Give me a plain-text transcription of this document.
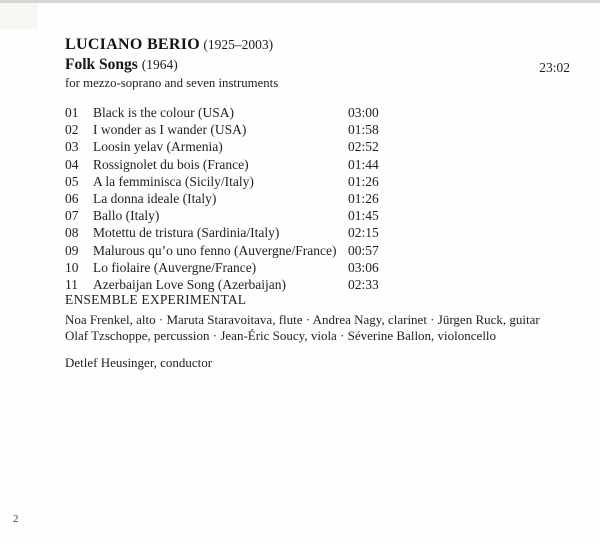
LUCIANO BERIO (1925–2003)
Folk Songs (1964)	23:02
for mezzo-soprano and seven instruments
01	Black is the colour (USA)	03:00
02	I wonder as I wander (USA)	01:58
03	Loosin yelav (Armenia)	02:52
04	Rossignolet du bois (France)	01:44
05	A la femminisca (Sicily/Italy)	01:26
06	La donna ideale (Italy)	01:26
07	Ballo (Italy)	01:45
08	Motettu de tristura (Sardinia/Italy)	02:15
09	Malurous qu’o uno fenno (Auvergne/France) 00:57
10	Lo fiolaire (Auvergne/France)	03:06
11	Azerbaijan Love Song (Azerbaijan)	02:33
ENSEMBLE EXPERIMENTAL
Noa Frenkel, alto · Maruta Staravoitava, flute · Andrea Nagy, clarinet · Jürgen Ruck, guitar
Olaf Tzschoppe, percussion · Jean-Éric Soucy, viola · Séverine Ballon, violoncello
Detlef Heusinger, conductor
2
